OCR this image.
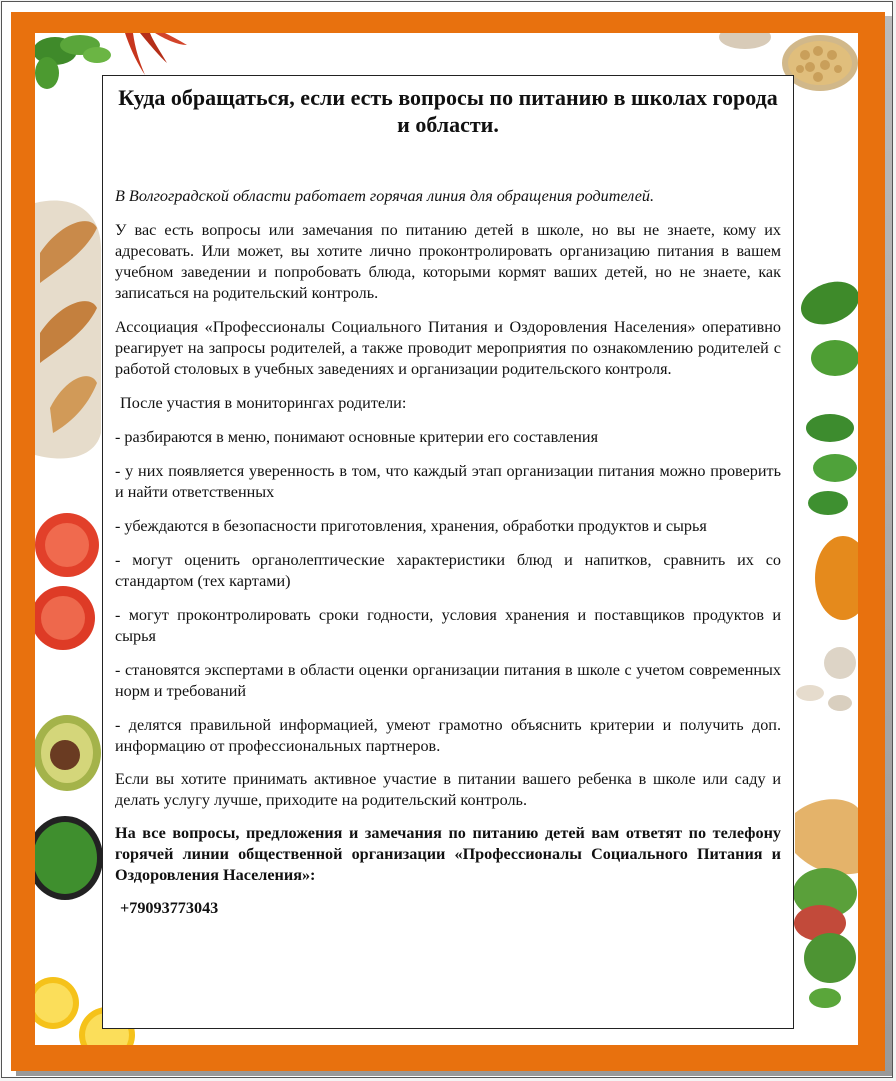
Куда обращаться, если есть вопросы по питанию в школах города и области.

В Волгоградской области работает горячая линия для обращения родителей.

У вас есть вопросы или замечания по питанию детей в школе, но вы не знаете, кому их адресовать. Или может, вы хотите лично проконтролировать организацию питания в вашем учебном заведении и попробовать блюда, которыми кормят ваших детей, но не знаете, как записаться на родительский контроль.

Ассоциация «Профессионалы Социального Питания и Оздоровления Населения» оперативно реагирует на запросы родителей, а также проводит мероприятия по ознакомлению родителей с работой столовых в учебных заведениях и организации родительского контроля.

После участия в мониторингах родители:

- разбираются в меню, понимают основные критерии его составления

- у них появляется уверенность в том, что каждый этап организации питания можно проверить и найти ответственных

- убеждаются в безопасности приготовления, хранения, обработки продуктов и сырья

- могут оценить органолептические характеристики блюд и напитков, сравнить их со стандартом (тех картами)

- могут проконтролировать сроки годности, условия хранения и поставщиков продуктов и сырья

- становятся экспертами в области оценки организации питания в школе с учетом современных норм и требований

- делятся правильной информацией, умеют грамотно объяснить критерии и получить доп. информацию от профессиональных партнеров.

Если вы хотите принимать активное участие в питании вашего ребенка в школе или саду и делать услугу лучше, приходите на родительский контроль.

На все вопросы, предложения и замечания по питанию детей вам ответят по телефону горячей линии общественной организации «Профессионалы Социального Питания и Оздоровления Населения»:

+79093773043
